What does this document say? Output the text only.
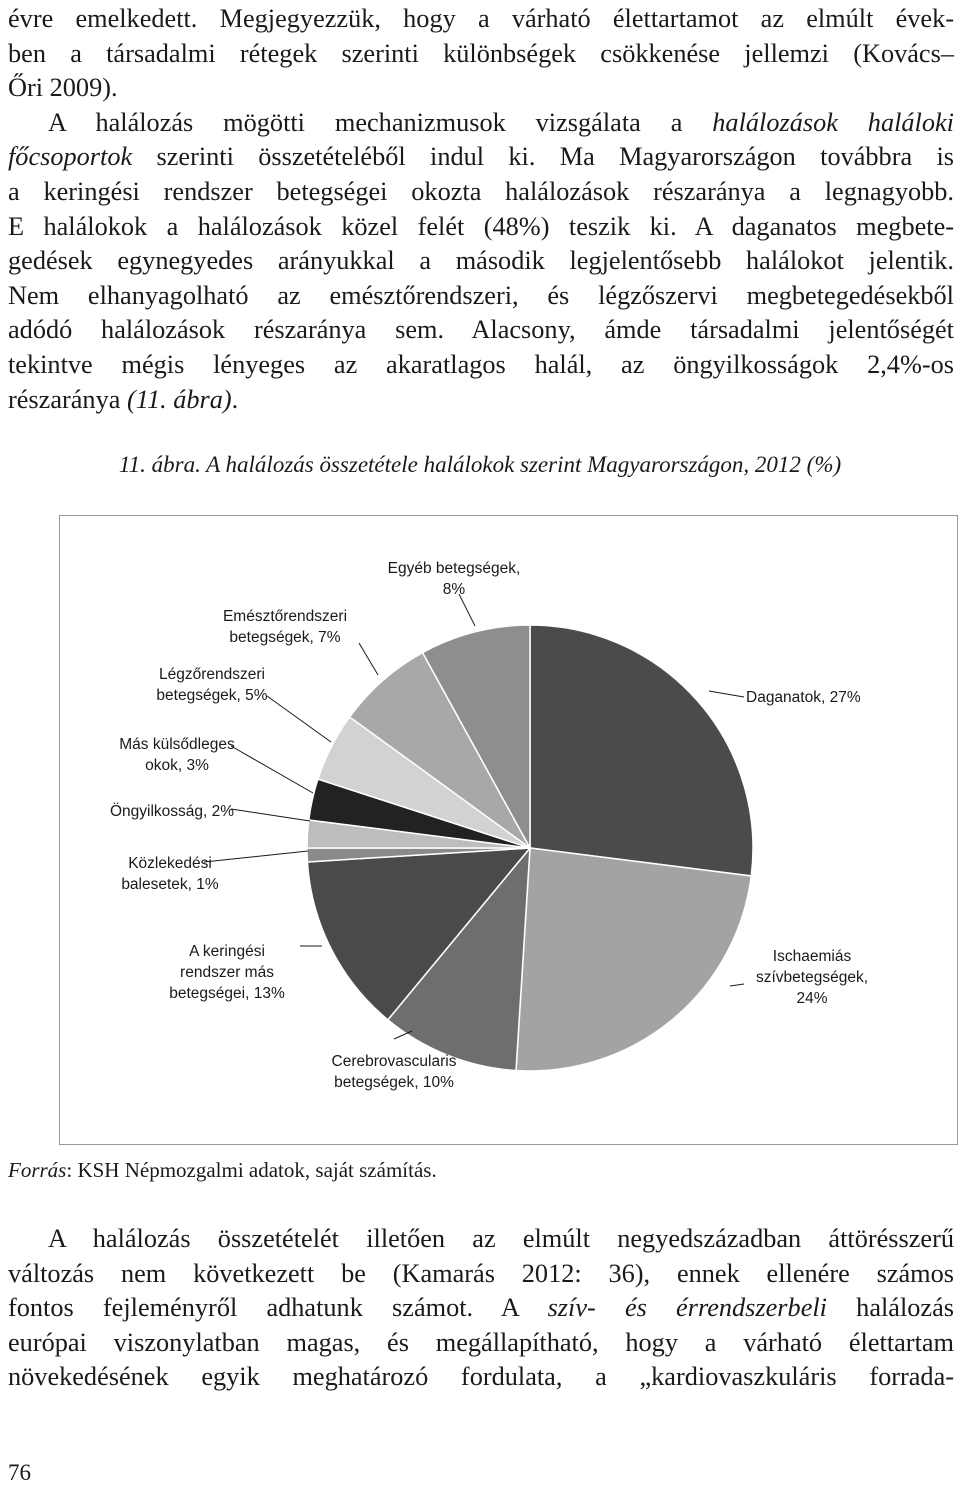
évre emelkedett. Megjegyezzük, hogy a várható élettartamot az elmúlt évek-
ben a társadalmi rétegek szerinti különbségek csökkenése jellemzi (Kovács–
Őri 2009).
A halálozás mögötti mechanizmusok vizsgálata a halálozások haláloki
főcsoportok szerinti összetételéből indul ki. Ma Magyarországon továbbra is
a keringési rendszer betegségei okozta halálozások részaránya a legnagyobb.
E halálokok a halálozások közel felét (48%) teszik ki. A daganatos megbete-
gedések egynegyedes arányukkal a második legjelentősebb halálokot jelentik.
Nem elhanyagolható az emésztőrendszeri, és légzőszervi megbetegedésekből
adódó halálozások részaránya sem. Alacsony, ámde társadalmi jelentőségét
tekintve mégis lényeges az akaratlagos halál, az öngyilkosságok 2,4%-os
részaránya (11. ábra).
11. ábra. A halálozás összetétele halálokok szerint Magyarországon, 2012 (%)
Daganatok, 27%
Ischaemiás szívbetegségek, 24%
Cerebrovascularis betegségek, 10%
A keringési rendszer más betegségei, 13%
Közlekedési balesetek, 1%
Öngyilkosság, 2%
Más külsődleges okok, 3%
Légzőrendszeri betegségek, 5%
Emésztőrendszeri betegségek, 7%
Egyéb betegségek, 8%
Forrás: KSH Népmozgalmi adatok, saját számítás.
A halálozás összetételét illetően az elmúlt negyedszázadban áttörésszerű
változás nem következett be (Kamarás 2012: 36), ennek ellenére számos
fontos fejleményről adhatunk számot. A szív- és érrendszerbeli halálozás
európai viszonylatban magas, és megállapítható, hogy a várható élettartam
növekedésének egyik meghatározó fordulata, a „kardiovaszkuláris forrada-
76
